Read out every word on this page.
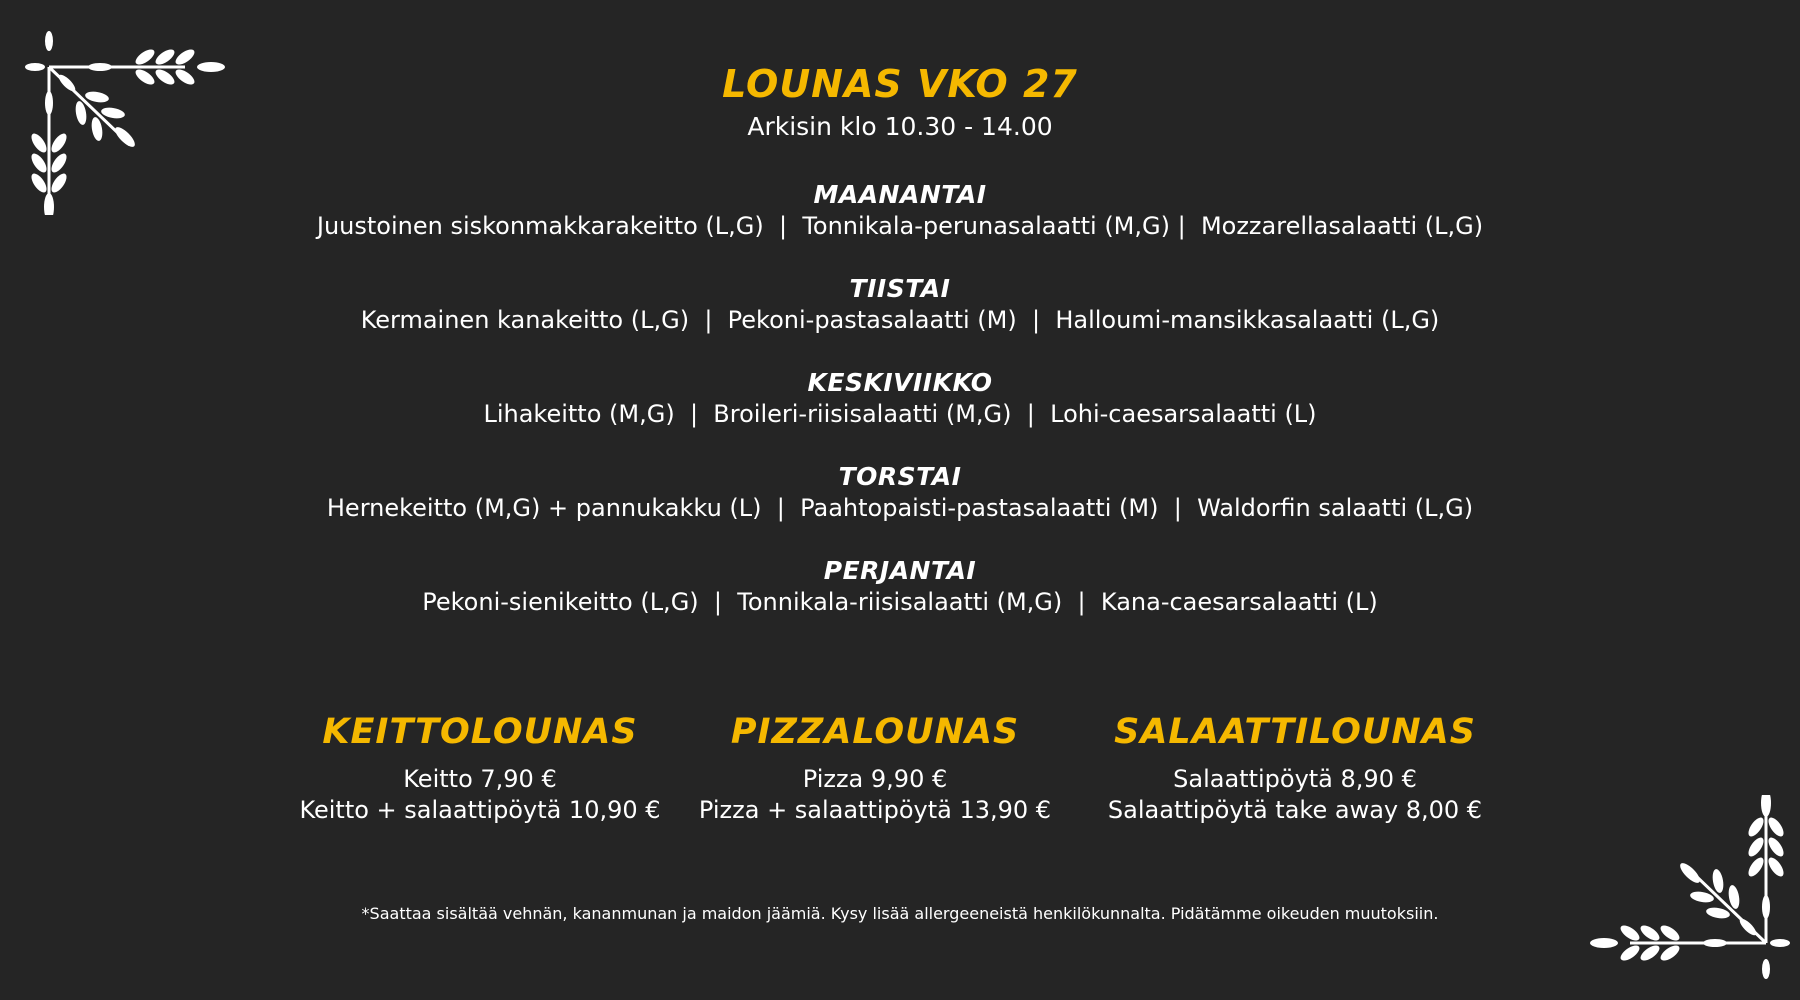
LOUNAS VKO 27
Arkisin klo 10.30 - 14.00
MAANANTAI
Juustoinen siskonmakkarakeitto (L,G)  |  Tonnikala-perunasalaatti (M,G) |  Mozzarellasalaatti (L,G)
TIISTAI
Kermainen kanakeitto (L,G)  |  Pekoni-pastasalaatti (M)  |  Halloumi-mansikkasalaatti (L,G)
KESKIVIIKKO
Lihakeitto (M,G)  |  Broileri-riisisalaatti (M,G)  |  Lohi-caesarsalaatti (L)
TORSTAI
Hernekeitto (M,G) + pannukakku (L)  |  Paahtopaisti-pastasalaatti (M)  |  Waldorfin salaatti (L,G)
PERJANTAI
Pekoni-sienikeitto (L,G)  |  Tonnikala-riisisalaatti (M,G)  |  Kana-caesarsalaatti (L)
KEITTOLOUNAS
Keitto 7,90 €
Keitto + salaattipöytä 10,90 €
PIZZALOUNAS
Pizza 9,90 €
Pizza + salaattipöytä 13,90 €
SALAATTILOUNAS
Salaattipöytä 8,90 €
Salaattipöytä take away 8,00 €
*Saattaa sisältää vehnän, kananmunan ja maidon jäämiä. Kysy lisää allergeeneistä henkilökunnalta. Pidätämme oikeuden muutoksiin.
